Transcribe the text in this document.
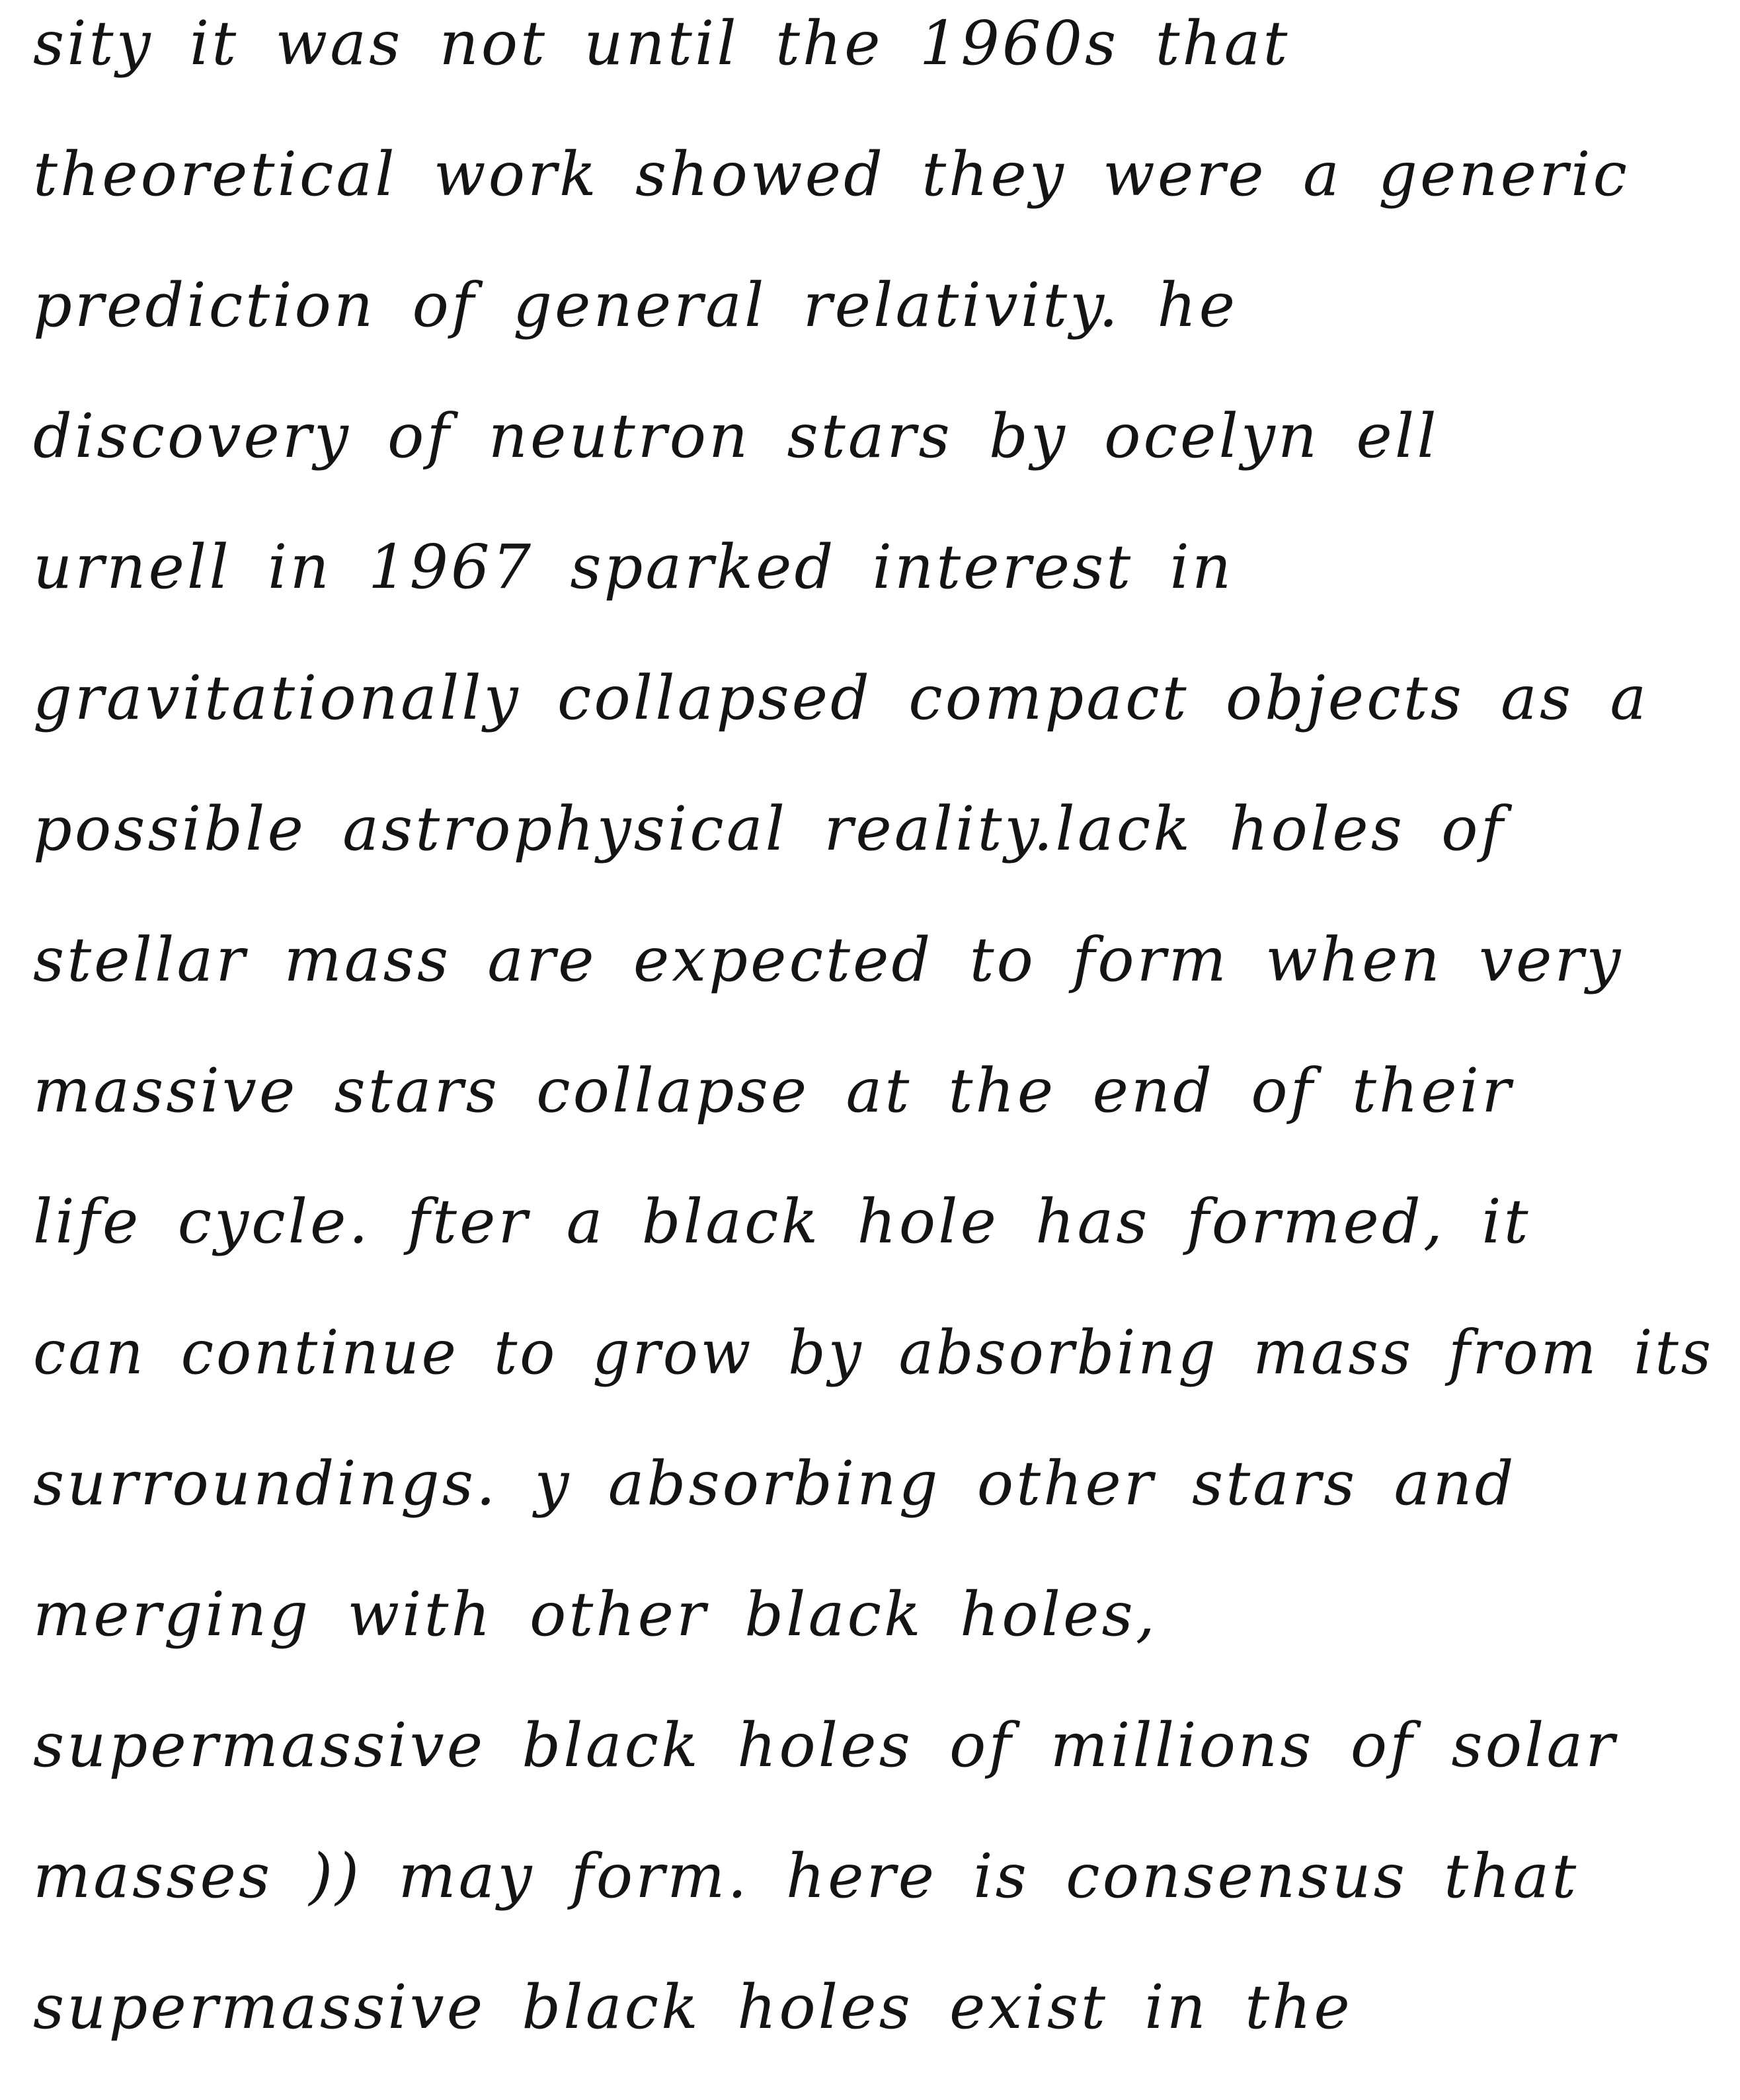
sity it was not until the 1960s that
theoretical work showed they were a generic
prediction of general relativity. he
discovery of neutron stars by ocelyn ell
urnell in 1967 sparked interest in
gravitationally collapsed compact objects as a
possible astrophysical reality.lack holes of
stellar mass are expected to form when very
massive stars collapse at the end of their
life cycle. fter a black hole has formed, it
can continue to grow by absorbing mass from its
surroundings. y absorbing other stars and
merging with other black holes,
supermassive black holes of millions of solar
masses )) may form. here is consensus that
supermassive black holes exist in the
